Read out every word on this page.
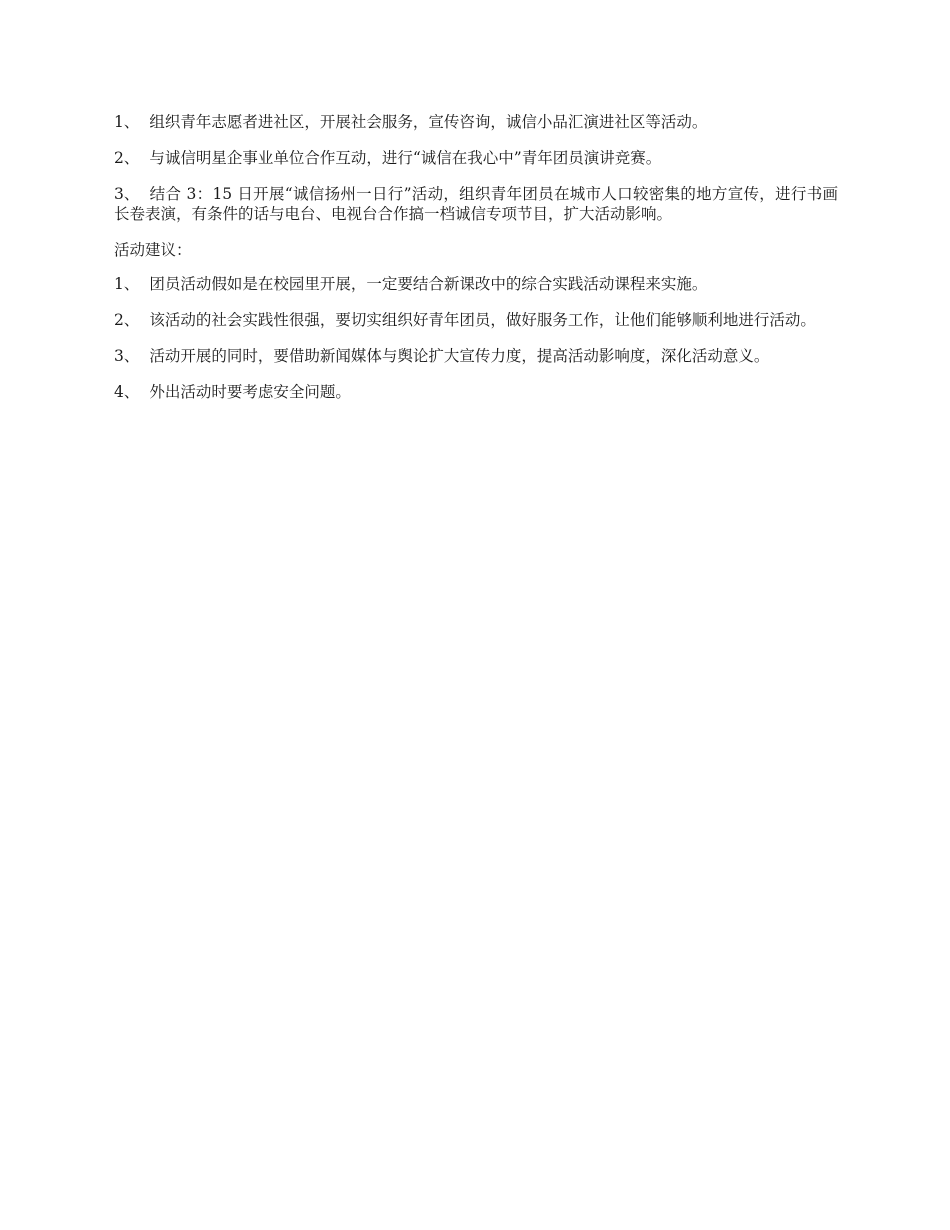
1、 组织青年志愿者进社区，开展社会服务，宣传咨询，诚信小品汇演进社区等活动。

2、 与诚信明星企事业单位合作互动，进行“诚信在我心中”青年团员演讲竞赛。

3、 结合 3：15 日开展“诚信扬州一日行”活动，组织青年团员在城市人口较密集的地方宣传，进行书画长卷表演，有条件的话与电台、电视台合作搞一档诚信专项节目，扩大活动影响。

活动建议：

1、 团员活动假如是在校园里开展，一定要结合新课改中的综合实践活动课程来实施。

2、 该活动的社会实践性很强，要切实组织好青年团员，做好服务工作，让他们能够顺利地进行活动。

3、 活动开展的同时，要借助新闻媒体与舆论扩大宣传力度，提高活动影响度，深化活动意义。

4、 外出活动时要考虑安全问题。
